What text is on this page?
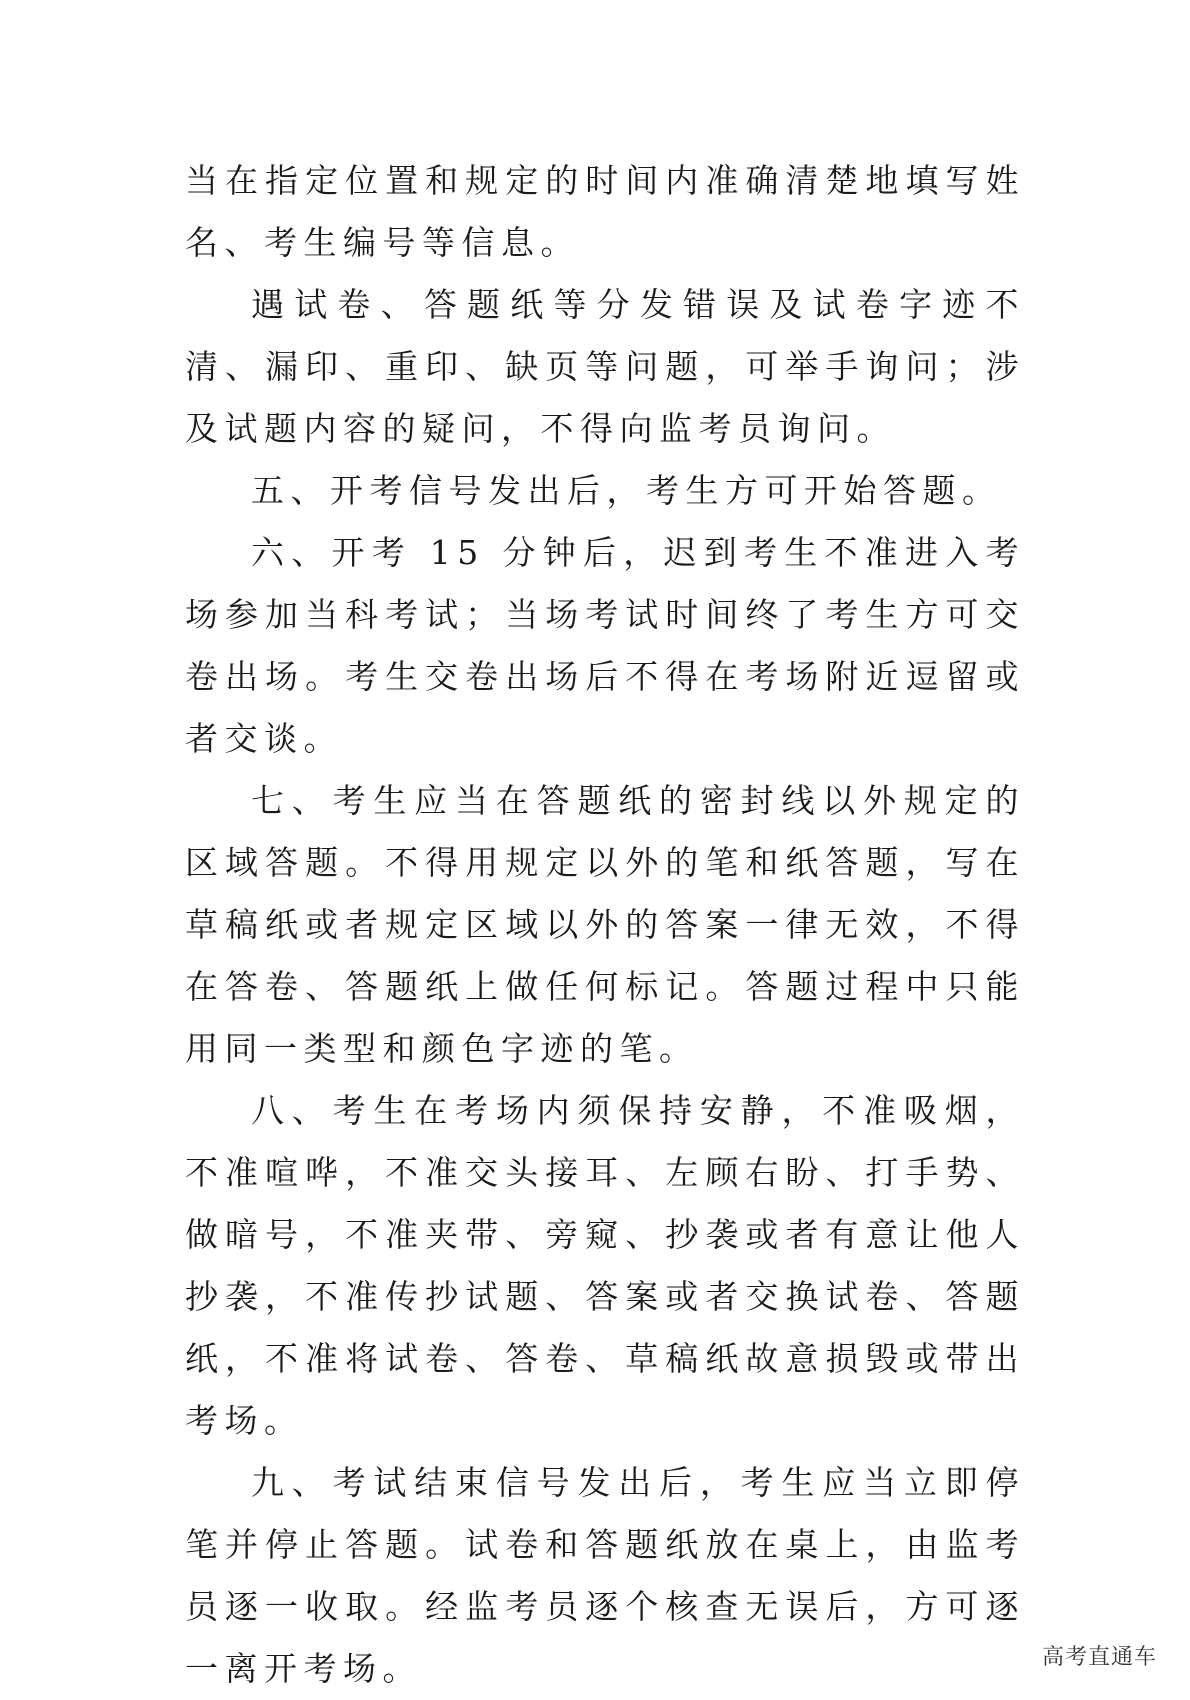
当在指定位置和规定的时间内准确清楚地填写姓名、考生编号等信息。

遇试卷、答题纸等分发错误及试卷字迹不清、漏印、重印、缺页等问题，可举手询问；涉及试题内容的疑问，不得向监考员询问。

五、开考信号发出后，考生方可开始答题。

六、开考 15 分钟后，迟到考生不准进入考场参加当科考试；当场考试时间终了考生方可交卷出场。考生交卷出场后不得在考场附近逗留或者交谈。

七、考生应当在答题纸的密封线以外规定的区域答题。不得用规定以外的笔和纸答题，写在草稿纸或者规定区域以外的答案一律无效，不得在答卷、答题纸上做任何标记。答题过程中只能用同一类型和颜色字迹的笔。

八、考生在考场内须保持安静，不准吸烟，不准喧哗，不准交头接耳、左顾右盼、打手势、做暗号，不准夹带、旁窥、抄袭或者有意让他人抄袭，不准传抄试题、答案或者交换试卷、答题纸，不准将试卷、答卷、草稿纸故意损毁或带出考场。

九、考试结束信号发出后，考生应当立即停笔并停止答题。试卷和答题纸放在桌上，由监考员逐一收取。经监考员逐个核查无误后，方可逐一离开考场。	高考直通车
